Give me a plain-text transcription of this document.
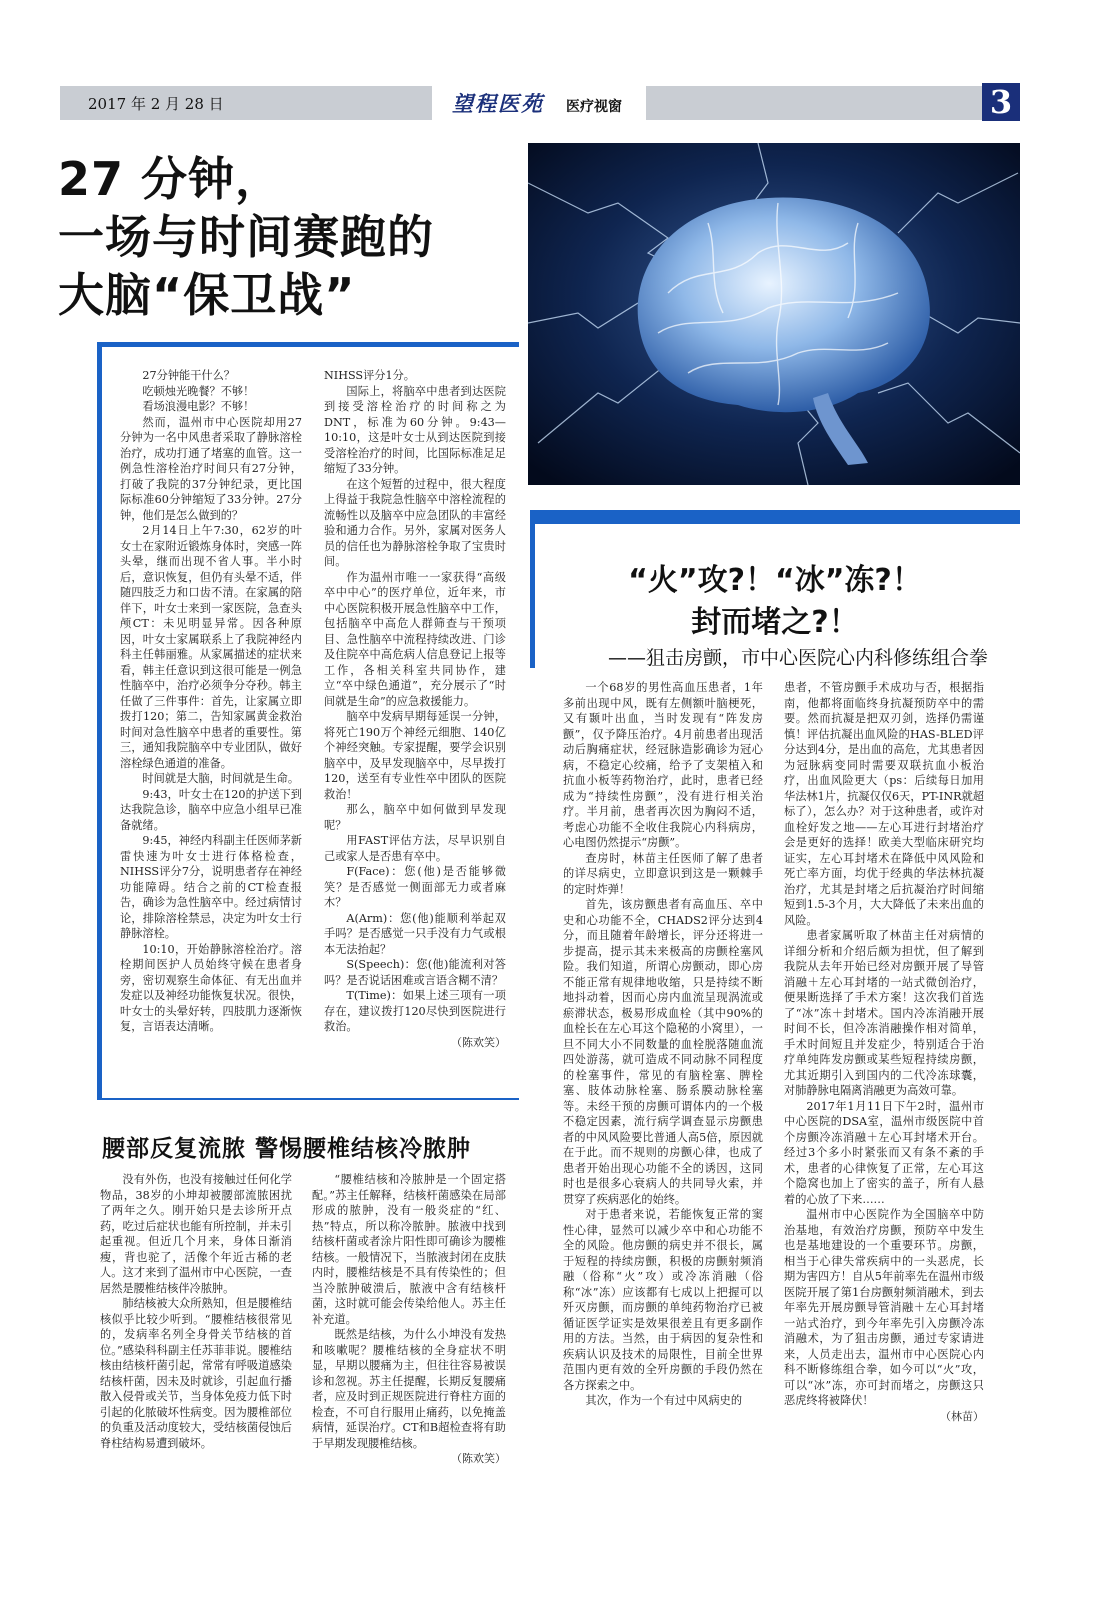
2017 年 2 月 28 日	望程医苑 医疗视窗	3
27 分钟，
一场与时间赛跑的
大脑“保卫战”

27分钟能干什么？

吃顿烛光晚餐？不够！

看场浪漫电影？不够！

然而，温州市中心医院却用27分钟为一名中风患者采取了静脉溶栓治疗，成功打通了堵塞的血管。这一例急性溶栓治疗时间只有27分钟，打破了我院的37分钟纪录，更比国际标准60分钟缩短了33分钟。27分钟，他们是怎么做到的？

2月14日上午7:30，62岁的叶女士在家附近锻炼身体时，突感一阵头晕，继而出现不省人事。半小时后，意识恢复，但仍有头晕不适，伴随四肢乏力和口齿不清。在家属的陪伴下，叶女士来到一家医院，急查头颅CT：未见明显异常。因各种原因，叶女士家属联系上了我院神经内科主任韩丽雅。从家属描述的症状来看，韩主任意识到这很可能是一例急性脑卒中，治疗必须争分夺秒。韩主任做了三件事件：首先，让家属立即拨打120；第二，告知家属黄金救治时间对急性脑卒中患者的重要性。第三，通知我院脑卒中专业团队，做好溶栓绿色通道的准备。

时间就是大脑，时间就是生命。

9:43，叶女士在120的护送下到达我院急诊，脑卒中应急小组早已准备就绪。

9:45，神经内科副主任医师茅新雷快速为叶女士进行体格检查，NIHSS评分7分，说明患者存在神经功能障碍。结合之前的CT检查报告，确诊为急性脑卒中。经过病情讨论，排除溶栓禁忌，决定为叶女士行静脉溶栓。

10:10，开始静脉溶栓治疗。溶栓期间医护人员始终守候在患者身旁，密切观察生命体征、有无出血并发症以及神经功能恢复状况。很快，叶女士的头晕好转，四肢肌力逐渐恢复，言语表达清晰。

NIHSS评分1分。

国际上，将脑卒中患者到达医院到接受溶栓治疗的时间称之为DNT，标准为60分钟。9:43—10:10，这是叶女士从到达医院到接受溶栓治疗的时间，比国际标准足足缩短了33分钟。

在这个短暂的过程中，很大程度上得益于我院急性脑卒中溶栓流程的流畅性以及脑卒中应急团队的丰富经验和通力合作。另外，家属对医务人员的信任也为静脉溶栓争取了宝贵时间。

作为温州市唯一一家获得“高级卒中中心”的医疗单位，近年来，市中心医院积极开展急性脑卒中工作，包括脑卒中高危人群筛查与干预项目、急性脑卒中流程持续改进、门诊及住院卒中高危病人信息登记上报等工作，各相关科室共同协作，建立“卒中绿色通道”，充分展示了“时间就是生命”的应急救援能力。

脑卒中发病早期每延误一分钟，将死亡190万个神经元细胞、140亿个神经突触。专家提醒，要学会识别脑卒中，及早发现脑卒中，尽早拨打120，送至有专业性卒中团队的医院救治！

那么，脑卒中如何做到早发现呢？

用FAST评估方法，尽早识别自己或家人是否患有卒中。

F(Face)：您(他)是否能够微笑？是否感觉一侧面部无力或者麻木？

A(Arm)：您(他)能顺利举起双手吗？是否感觉一只手没有力气或根本无法抬起？

S(Speech)：您(他)能流利对答吗？是否说话困难或言语含糊不清？

T(Time)：如果上述三项有一项存在，建议拨打120尽快到医院进行救治。

（陈欢笑）
“火”攻?！“冰”冻?！
封而堵之?！
——狙击房颤，市中心医院心内科修练组合拳

一个68岁的男性高血压患者，1年多前出现中风，既有左侧额叶脑梗死，又有颞叶出血，当时发现有“阵发房颤”，仅予降压治疗。4月前患者出现活动后胸痛症状，经冠脉造影确诊为冠心病，不稳定心绞痛，给予了支架植入和抗血小板等药物治疗，此时，患者已经成为“持续性房颤”，没有进行相关治疗。半月前，患者再次因为胸闷不适，考虑心功能不全收住我院心内科病房，心电图仍然提示“房颤”。

查房时，林苗主任医师了解了患者的详尽病史，立即意识到这是一颗棘手的定时炸弹！

首先，该房颤患者有高血压、卒中史和心功能不全，CHADS2评分达到4分，而且随着年龄增长，评分还将进一步提高，提示其未来极高的房颤栓塞风险。我们知道，所谓心房颤动，即心房不能正常有规律地收缩，只是持续不断地抖动着，因而心房内血流呈现涡流或瘀滞状态，极易形成血栓（其中90%的血栓长在左心耳这个隐秘的小窝里），一旦不同大小不同数量的血栓脱落随血流四处游荡，就可造成不同动脉不同程度的栓塞事件，常见的有脑栓塞、脾栓塞、肢体动脉栓塞、肠系膜动脉栓塞等。未经干预的房颤可谓体内的一个极不稳定因素，流行病学调查显示房颤患者的中风风险要比普通人高5倍，原因就在于此。而不规则的房颤心律，也成了患者开始出现心功能不全的诱因，这同时也是很多心衰病人的共同导火索，并贯穿了疾病恶化的始终。

对于患者来说，若能恢复正常的窦性心律，显然可以减少卒中和心功能不全的风险。他房颤的病史并不很长，属于短程的持续房颤，积极的房颤射频消融（俗称“火”攻）或冷冻消融（俗称“冰”冻）应该都有七成以上把握可以歼灭房颤，而房颤的单纯药物治疗已被循证医学证实是效果很差且有更多副作用的方法。当然，由于病因的复杂性和疾病认识及技术的局限性，目前全世界范围内更有效的全歼房颤的手段仍然在各方探索之中。

其次，作为一个有过中风病史的

患者，不管房颤手术成功与否，根据指南，他都将面临终身抗凝预防卒中的需要。然而抗凝是把双刃剑，选择仍需谨慎！评估抗凝出血风险的HAS-BLED评分达到4分，是出血的高危，尤其患者因为冠脉病变同时需要双联抗血小板治疗，出血风险更大（ps：后续每日加用华法林1片，抗凝仅仅6天，PT-INR就超标了），怎么办？对于这种患者，或许对血栓好发之地——左心耳进行封堵治疗会是更好的选择！欧美大型临床研究均证实，左心耳封堵术在降低中风风险和死亡率方面，均优于经典的华法林抗凝治疗，尤其是封堵之后抗凝治疗时间缩短到1.5-3个月，大大降低了未来出血的风险。

患者家属听取了林苗主任对病情的详细分析和介绍后颇为担忧，但了解到我院从去年开始已经对房颤开展了导管消融＋左心耳封堵的一站式微创治疗，便果断选择了手术方案！这次我们首选了“冰”冻＋封堵术。国内冷冻消融开展时间不长，但冷冻消融操作相对简单，手术时间短且并发症少，特别适合于治疗单纯阵发房颤或某些短程持续房颤，尤其近期引入到国内的二代冷冻球囊，对肺静脉电隔离消融更为高效可靠。

2017年1月11日下午2时，温州市中心医院的DSA室，温州市级医院中首个房颤冷冻消融＋左心耳封堵术开台。经过3个多小时紧张而又有条不紊的手术，患者的心律恢复了正常，左心耳这个隐窝也加上了密实的盖子，所有人悬着的心放了下来……

温州市中心医院作为全国脑卒中防治基地，有效治疗房颤，预防卒中发生也是基地建设的一个重要环节。房颤，相当于心律失常疾病中的一头恶虎，长期为害四方！自从5年前率先在温州市级医院开展了第1台房颤射频消融术，到去年率先开展房颤导管消融＋左心耳封堵一站式治疗，到今年率先引入房颤冷冻消融术，为了狙击房颤，通过专家请进来，人员走出去，温州市中心医院心内科不断修练组合拳，如今可以“火”攻，可以“冰”冻，亦可封而堵之，房颤这只恶虎终将被降伏！

（林苗）
腰部反复流脓 警惕腰椎结核冷脓肿

没有外伤，也没有接触过任何化学物品，38岁的小坤却被腰部流脓困扰了两年之久。刚开始只是去诊所开点药，吃过后症状也能有所控制，并未引起重视。但近几个月来，身体日渐消瘦，背也驼了，活像个年近古稀的老人。这才来到了温州市中心医院，一查居然是腰椎结核伴冷脓肿。

肺结核被大众所熟知，但是腰椎结核似乎比较少听到。“腰椎结核很常见的，发病率名列全身骨关节结核的首位。”感染科科副主任苏菲菲说。腰椎结核由结核杆菌引起，常常有呼吸道感染结核杆菌，因未及时就诊，引起血行播散入侵骨或关节，当身体免疫力低下时引起的化脓破坏性病变。因为腰椎部位的负重及活动度较大，受结核菌侵蚀后脊柱结构易遭到破坏。

“腰椎结核和冷脓肿是一个固定搭配。”苏主任解释，结核杆菌感染在局部形成的脓肿，没有一般炎症的“红、热”特点，所以称冷脓肿。脓液中找到结核杆菌或者涂片阳性即可确诊为腰椎结核。一般情况下，当脓液封闭在皮肤内时，腰椎结核是不具有传染性的；但当冷脓肿破溃后，脓液中含有结核杆菌，这时就可能会传染给他人。苏主任补充道。

既然是结核，为什么小坤没有发热和咳嗽呢？腰椎结核的全身症状不明显，早期以腰痛为主，但往往容易被误诊和忽视。苏主任提醒，长期反复腰痛者，应及时到正规医院进行脊柱方面的检查，不可自行服用止痛药，以免掩盖病情，延误治疗。CT和B超检查将有助于早期发现腰椎结核。

（陈欢笑）
